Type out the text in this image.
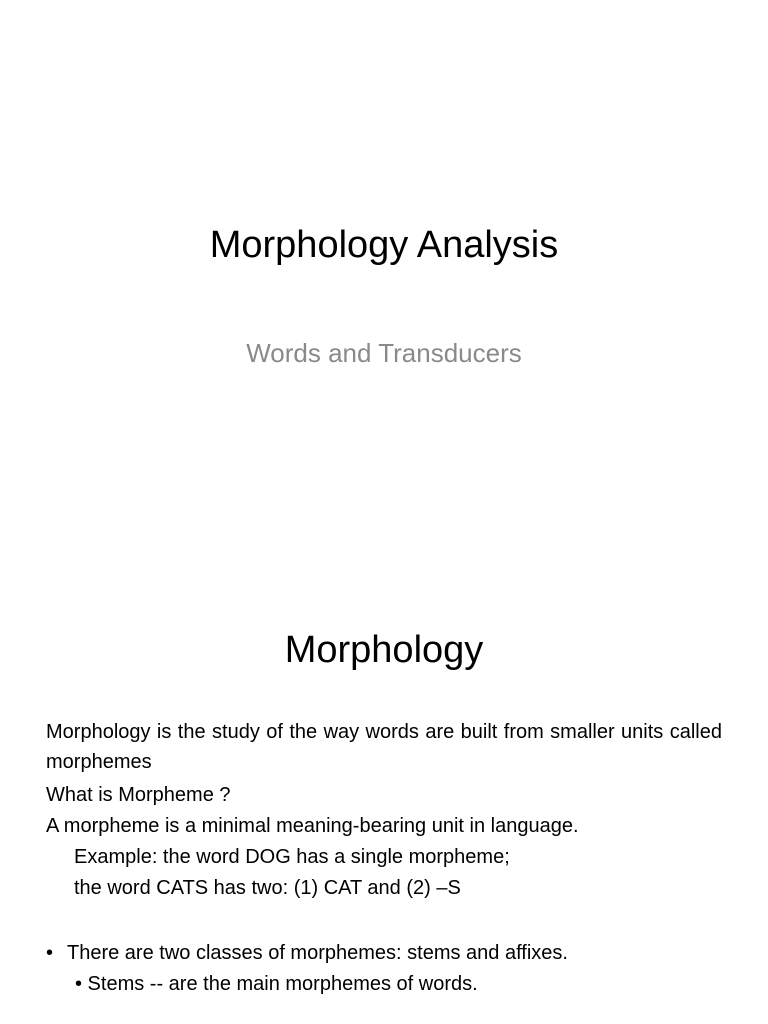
Morphology Analysis
Words and Transducers
Morphology

Morphology is the study of the way words are built from smaller units called morphemes

What is Morpheme ?

A morpheme is a minimal meaning-bearing unit in language.

Example: the word DOG has a single morpheme;

the word CATS has two: (1) CAT and (2) –S

• There are two classes of morphemes: stems and affixes.

• Stems -- are the main morphemes of words.
